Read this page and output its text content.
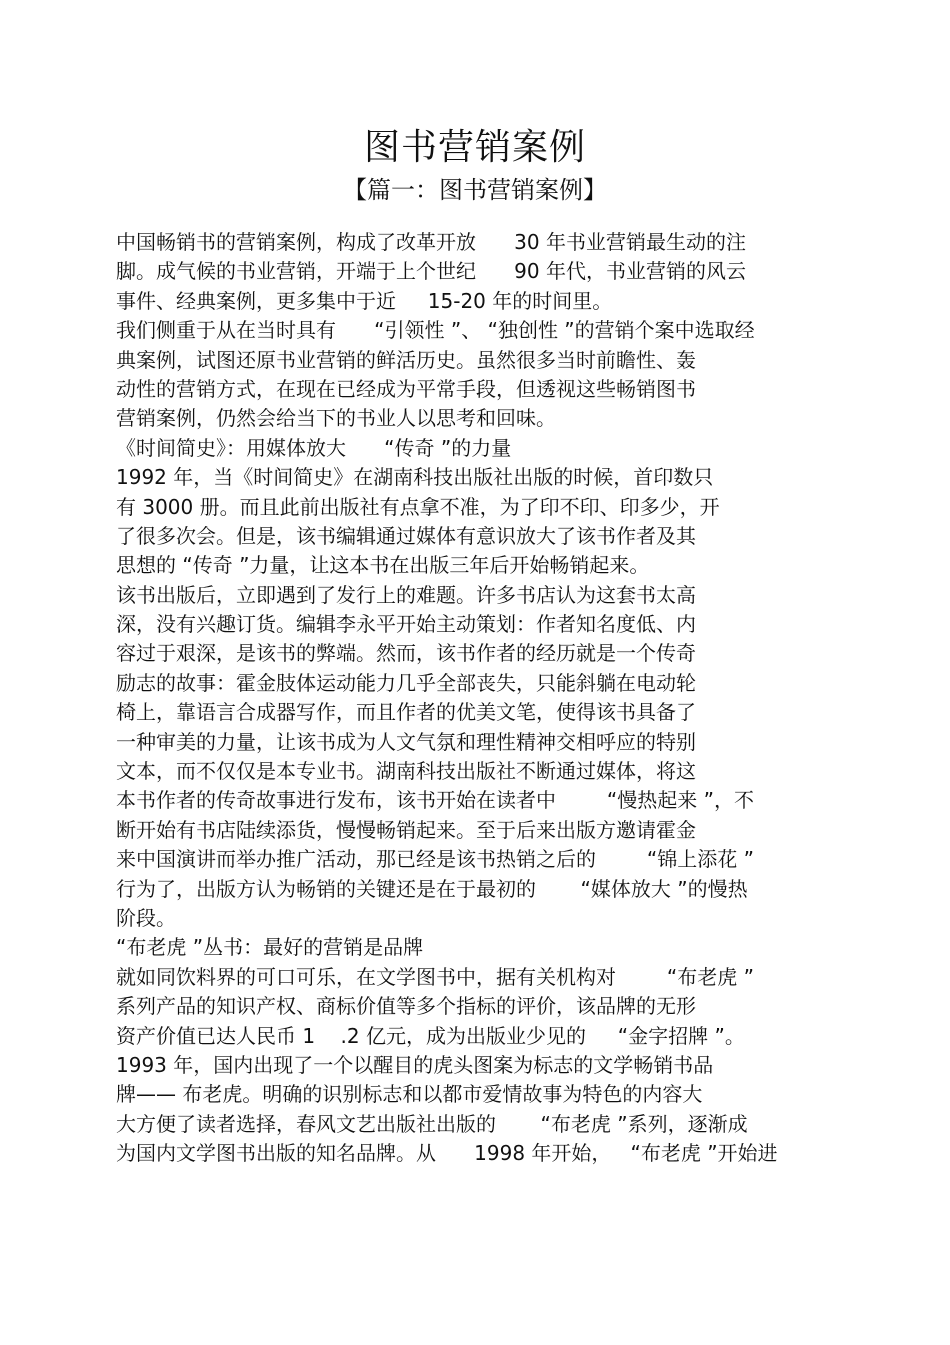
图书营销案例
【篇一：图书营销案例】
中国畅销书的营销案例，构成了改革开放      30 年书业营销最生动的注
脚。成气候的书业营销，开端于上个世纪      90 年代，书业营销的风云
事件、经典案例，更多集中于近     15-20 年的时间里。
我们侧重于从在当时具有      “引领性 ”、 “独创性 ”的营销个案中选取经
典案例，试图还原书业营销的鲜活历史。虽然很多当时前瞻性、轰
动性的营销方式，在现在已经成为平常手段，但透视这些畅销图书
营销案例，仍然会给当下的书业人以思考和回味。
《时间简史》：用媒体放大      “传奇 ”的力量
1992 年，当《时间简史》在湖南科技出版社出版的时候，首印数只
有 3000 册。而且此前出版社有点拿不准，为了印不印、印多少，开
了很多次会。但是，该书编辑通过媒体有意识放大了该书作者及其
思想的 “传奇 ”力量，让这本书在出版三年后开始畅销起来。
该书出版后，立即遇到了发行上的难题。许多书店认为这套书太高
深，没有兴趣订货。编辑李永平开始主动策划：作者知名度低、内
容过于艰深，是该书的弊端。然而，该书作者的经历就是一个传奇
励志的故事：霍金肢体运动能力几乎全部丧失，只能斜躺在电动轮
椅上，靠语言合成器写作，而且作者的优美文笔，使得该书具备了
一种审美的力量，让该书成为人文气氛和理性精神交相呼应的特别
文本，而不仅仅是本专业书。湖南科技出版社不断通过媒体，将这
本书作者的传奇故事进行发布，该书开始在读者中        “慢热起来 ”，不
断开始有书店陆续添货，慢慢畅销起来。至于后来出版方邀请霍金
来中国演讲而举办推广活动，那已经是该书热销之后的        “锦上添花 ”
行为了，出版方认为畅销的关键还是在于最初的       “媒体放大 ”的慢热
阶段。
“布老虎 ”丛书：最好的营销是品牌
就如同饮料界的可口可乐，在文学图书中，据有关机构对        “布老虎 ”
系列产品的知识产权、商标价值等多个指标的评价，该品牌的无形
资产价值已达人民币 1    .2 亿元，成为出版业少见的     “金字招牌 ”。
1993 年，国内出现了一个以醒目的虎头图案为标志的文学畅销书品
牌—— 布老虎。明确的识别标志和以都市爱情故事为特色的内容大
大方便了读者选择，春风文艺出版社出版的       “布老虎 ”系列，逐渐成
为国内文学图书出版的知名品牌。从      1998 年开始，   “布老虎 ”开始进
